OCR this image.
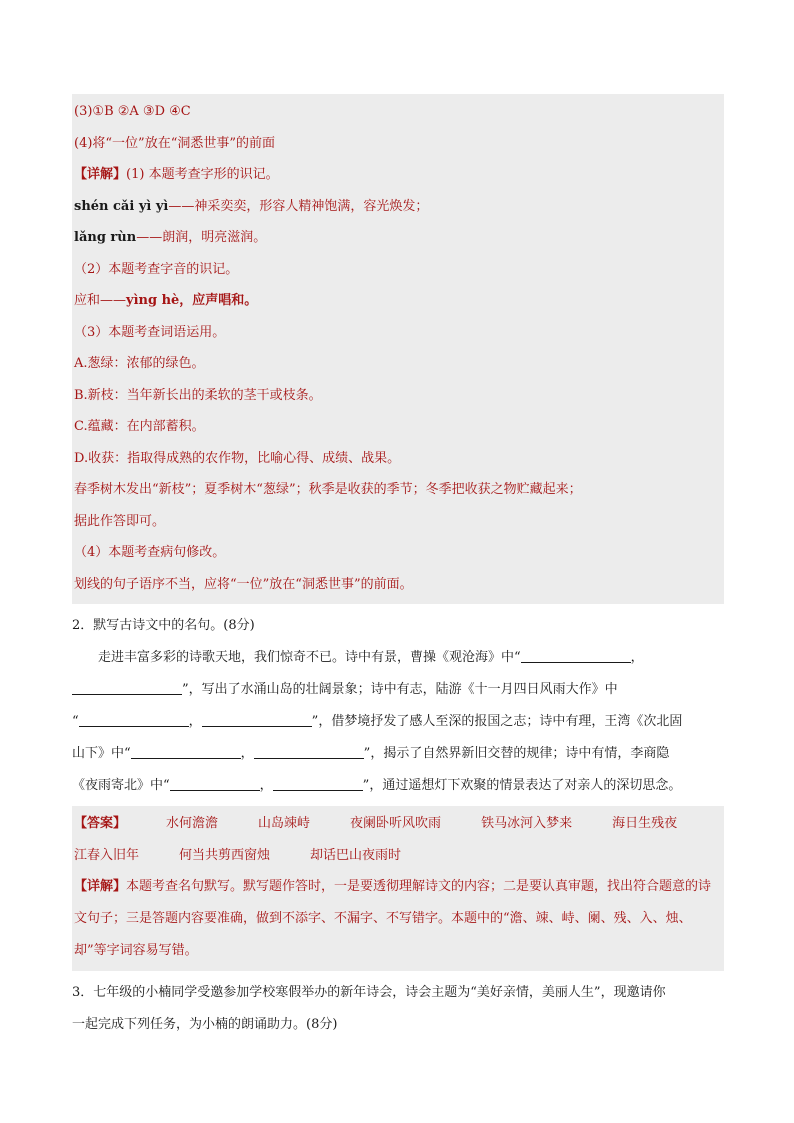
(3)①B ②A ③D ④C
(4)将“一位”放在“洞悉世事”的前面
【详解】(1) 本题考查字形的识记。
shén cǎi yì yì——神采奕奕，形容人精神饱满，容光焕发；
lǎng rùn——朗润，明亮滋润。
（2）本题考查字音的识记。
应和——yìng hè，应声唱和。
（3）本题考查词语运用。
A.葱绿：浓郁的绿色。
B.新枝：当年新长出的柔软的茎干或枝条。
C.蕴藏：在内部蓄积。
D.收获：指取得成熟的农作物，比喻心得、成绩、战果。
春季树木发出“新枝”；夏季树木“葱绿”；秋季是收获的季节；冬季把收获之物贮藏起来；
据此作答即可。
（4）本题考查病句修改。
划线的句子语序不当，应将“一位”放在“洞悉世事”的前面。
2．默写古诗文中的名句。(8分)
走进丰富多彩的诗歌天地，我们惊奇不已。诗中有景，曹操《观沧海》中“	，
”，写出了水涌山岛的壮阔景象；诗中有志，陆游《十一月四日风雨大作》中
“	，	”，借梦境抒发了感人至深的报国之志；诗中有理，王湾《次北固
山下》中“	，	”，揭示了自然界新旧交替的规律；诗中有情，李商隐
《夜雨寄北》中“	，	”，通过遥想灯下欢聚的情景表达了对亲人的深切思念。
【答案】	水何澹澹	山岛竦峙	夜阑卧听风吹雨	铁马冰河入梦来	海日生残夜
江春入旧年	何当共剪西窗烛	却话巴山夜雨时
【详解】本题考查名句默写。默写题作答时，一是要透彻理解诗文的内容；二是要认真审题，找出符合题意的诗文句子；三是答题内容要准确，做到不添字、不漏字、不写错字。本题中的“澹、竦、峙、阑、残、入、烛、却”等字词容易写错。
3．七年级的小楠同学受邀参加学校寒假举办的新年诗会，诗会主题为“美好亲情，美丽人生”，现邀请你
一起完成下列任务，为小楠的朗诵助力。(8分)
